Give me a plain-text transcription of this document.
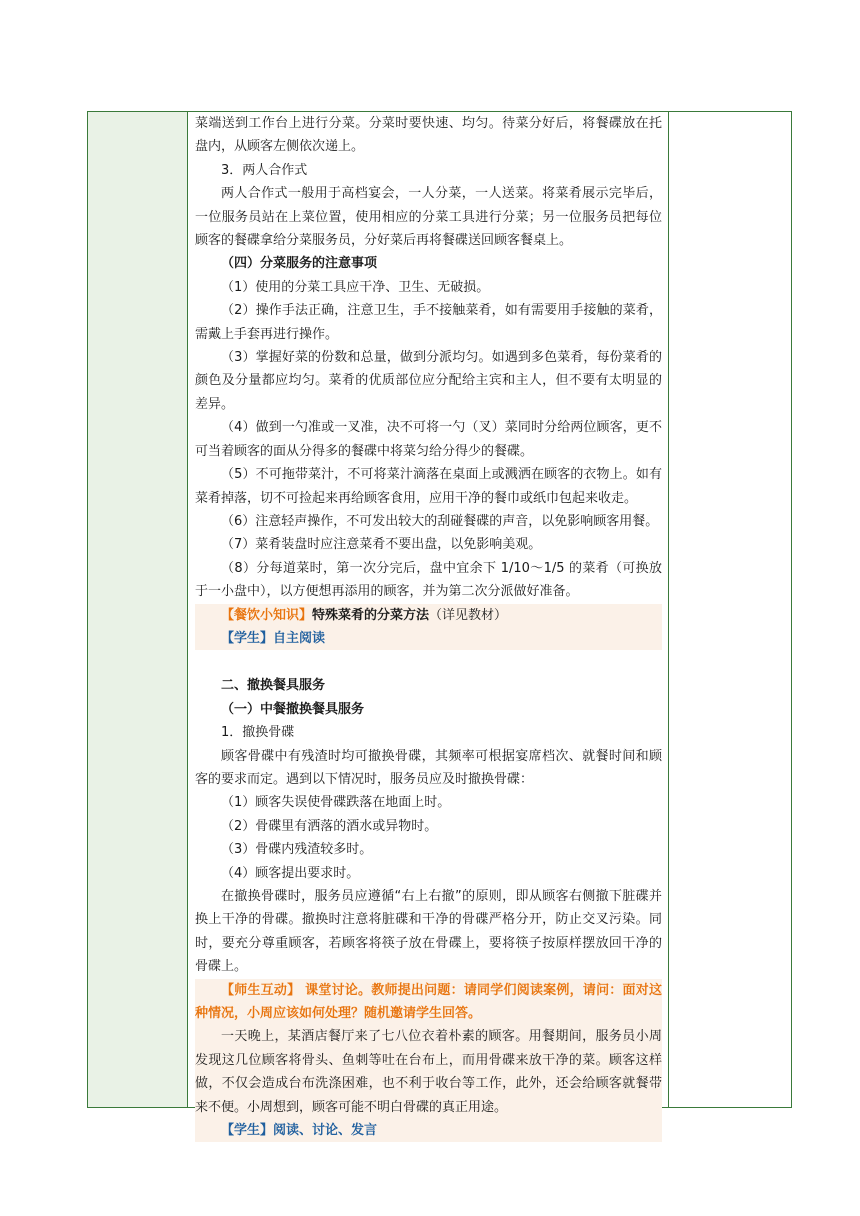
菜端送到工作台上进行分菜。分菜时要快速、均匀。待菜分好后，将餐碟放在托盘内，从顾客左侧依次递上。

3．两人合作式

两人合作式一般用于高档宴会，一人分菜，一人送菜。将菜肴展示完毕后，一位服务员站在上菜位置，使用相应的分菜工具进行分菜；另一位服务员把每位顾客的餐碟拿给分菜服务员，分好菜后再将餐碟送回顾客餐桌上。

（四）分菜服务的注意事项

（1）使用的分菜工具应干净、卫生、无破损。

（2）操作手法正确，注意卫生，手不接触菜肴，如有需要用手接触的菜肴，需戴上手套再进行操作。

（3）掌握好菜的份数和总量，做到分派均匀。如遇到多色菜肴，每份菜肴的颜色及分量都应均匀。菜肴的优质部位应分配给主宾和主人，但不要有太明显的差异。

（4）做到一勺准或一叉准，决不可将一勺（叉）菜同时分给两位顾客，更不可当着顾客的面从分得多的餐碟中将菜匀给分得少的餐碟。

（5）不可拖带菜汁，不可将菜汁滴落在桌面上或溅洒在顾客的衣物上。如有菜肴掉落，切不可捡起来再给顾客食用，应用干净的餐巾或纸巾包起来收走。

（6）注意轻声操作，不可发出较大的刮碰餐碟的声音，以免影响顾客用餐。

（7）菜肴装盘时应注意菜肴不要出盘，以免影响美观。

（8）分每道菜时，第一次分完后，盘中宜余下 1/10～1/5 的菜肴（可换放于一小盘中），以方便想再添用的顾客，并为第二次分派做好准备。

【餐饮小知识】特殊菜肴的分菜方法（详见教材）

【学生】自主阅读

二、撤换餐具服务

（一）中餐撤换餐具服务

1．撤换骨碟

顾客骨碟中有残渣时均可撤换骨碟，其频率可根据宴席档次、就餐时间和顾客的要求而定。遇到以下情况时，服务员应及时撤换骨碟：

（1）顾客失误使骨碟跌落在地面上时。

（2）骨碟里有洒落的酒水或异物时。

（3）骨碟内残渣较多时。

（4）顾客提出要求时。

在撤换骨碟时，服务员应遵循“右上右撤”的原则，即从顾客右侧撤下脏碟并换上干净的骨碟。撤换时注意将脏碟和干净的骨碟严格分开，防止交叉污染。同时，要充分尊重顾客，若顾客将筷子放在骨碟上，要将筷子按原样摆放回干净的骨碟上。

【师生互动】 课堂讨论。教师提出问题：请同学们阅读案例，请问：面对这种情况，小周应该如何处理？随机邀请学生回答。

一天晚上，某酒店餐厅来了七八位衣着朴素的顾客。用餐期间，服务员小周发现这几位顾客将骨头、鱼刺等吐在台布上，而用骨碟来放干净的菜。顾客这样做，不仅会造成台布洗涤困难，也不利于收台等工作，此外，还会给顾客就餐带来不便。小周想到，顾客可能不明白骨碟的真正用途。

【学生】阅读、讨论、发言
